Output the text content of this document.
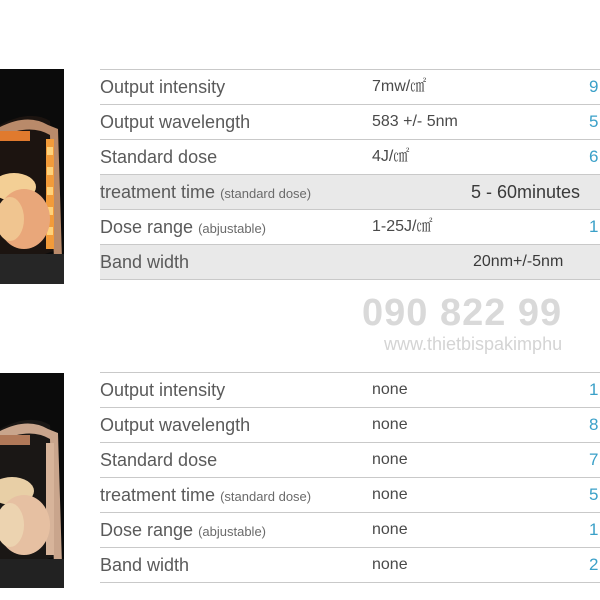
Output intensity	7mw/㎠	9
Output wavelength	583 +/- 5nm	5
Standard dose	4J/㎠	6
treatment time (standard dose)	5 - 60minutes
Dose range (abjustable)	1-25J/㎠	1
Band width	20nm+/-5nm
090 822 99
www.thietbispakimphu
Output intensity	none	1
Output wavelength	none	8
Standard dose	none	7
treatment time (standard dose)	none	5
Dose range (abjustable)	none	1
Band width	none	2
